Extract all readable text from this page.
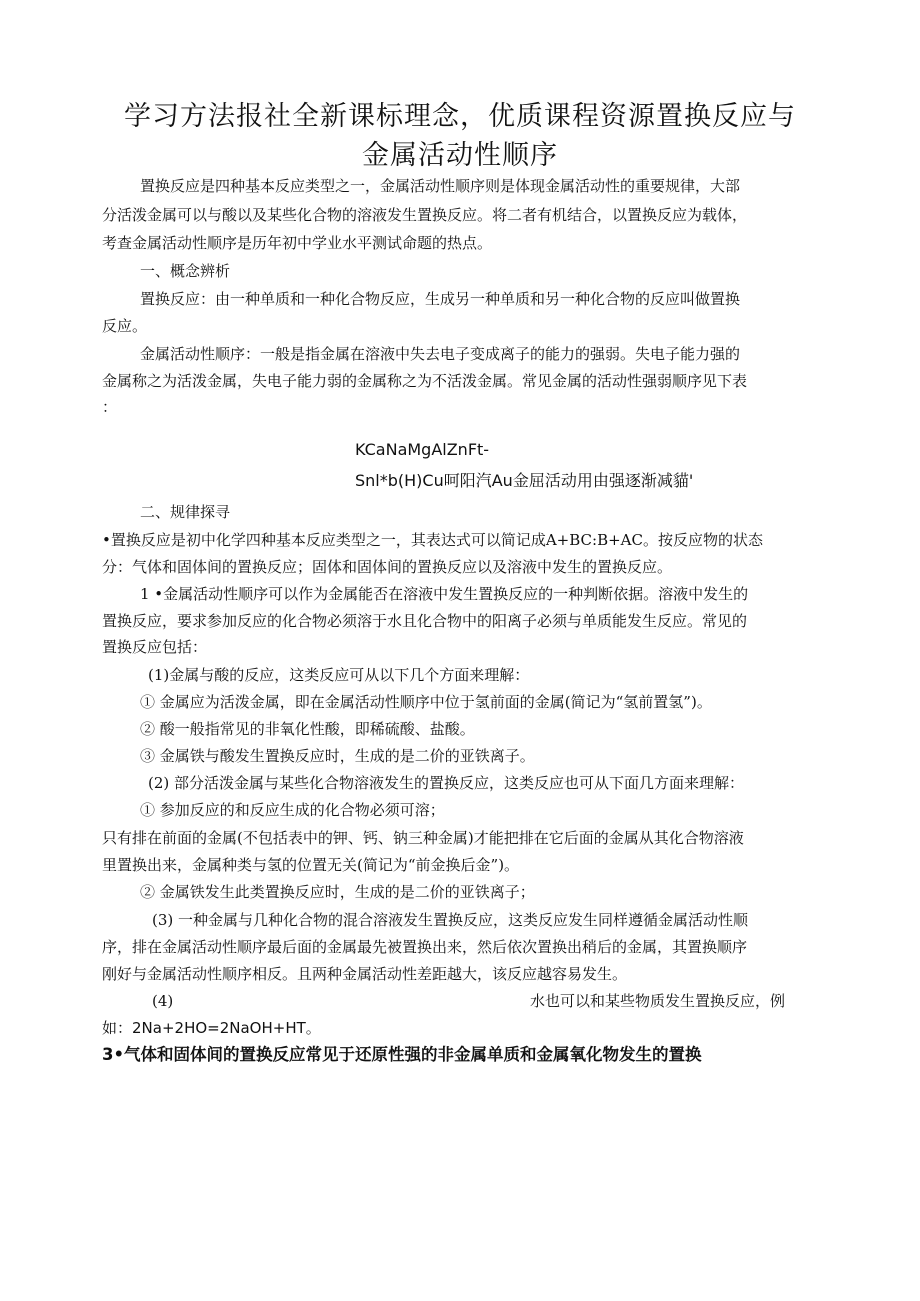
学习方法报社全新课标理念，优质课程资源置换反应与
金属活动性顺序

置换反应是四种基本反应类型之一，金属活动性顺序则是体现金属活动性的重要规律，大部

分活泼金属可以与酸以及某些化合物的溶液发生置换反应。将二者有机结合，以置换反应为载体，

考查金属活动性顺序是历年初中学业水平测试命题的热点。

一、概念辨析

置换反应：由一种单质和一种化合物反应，生成另一种单质和另一种化合物的反应叫做置换

反应。

金属活动性顺序：一般是指金属在溶液中失去电子变成离子的能力的强弱。失电子能力强的

金属称之为活泼金属，失电子能力弱的金属称之为不活泼金属。常见金属的活动性强弱顺序见下表

：

KCaNaMgAlZnFt-

Snl*b(H)Cu呵阳汽Au金屈活动用由强逐渐减貓'

二、规律探寻

•置换反应是初中化学四种基本反应类型之一，其表达式可以简记成A+BC:B+AC。按反应物的状态

分：气体和固体间的置换反应；固体和固体间的置换反应以及溶液中发生的置换反应。

1 •金属活动性顺序可以作为金属能否在溶液中发生置换反应的一种判断依据。溶液中发生的

置换反应，要求参加反应的化合物必须溶于水且化合物中的阳离子必须与单质能发生反应。常见的

置换反应包括：

(1)金属与酸的反应，这类反应可从以下几个方面来理解：

① 金属应为活泼金属，即在金属活动性顺序中位于氢前面的金属(简记为“氢前置氢”)。

② 酸一般指常见的非氧化性酸，即稀硫酸、盐酸。

③ 金属铁与酸发生置换反应时，生成的是二价的亚铁离子。

(2) 部分活泼金属与某些化合物溶液发生的置换反应，这类反应也可从下面几方面来理解：

① 参加反应的和反应生成的化合物必须可溶；

只有排在前面的金属(不包括表中的钾、钙、钠三种金属)才能把排在它后面的金属从其化合物溶液

里置换出来，金属种类与氢的位置无关(简记为“前金换后金”)。

② 金属铁发生此类置换反应时，生成的是二价的亚铁离子；

(3) 一种金属与几种化合物的混合溶液发生置换反应，这类反应发生同样遵循金属活动性顺

序，排在金属活动性顺序最后面的金属最先被置换出来，然后依次置换出稍后的金属，其置换顺序

刚好与金属活动性顺序相反。且两种金属活动性差距越大，该反应越容易发生。

(4)	水也可以和某些物质发生置换反应，例

如：2Na+2HO=2NaOH+HT。

3•气体和固体间的置换反应常见于还原性强的非金属单质和金属氧化物发生的置换
